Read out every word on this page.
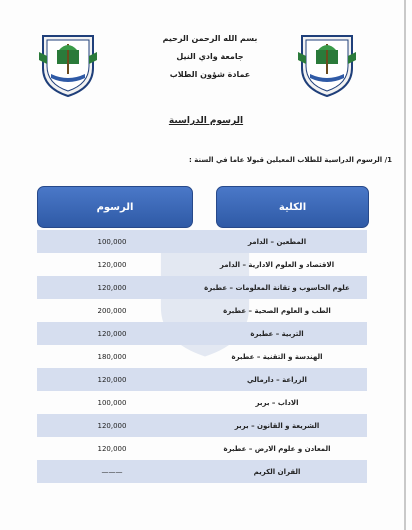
بسم الله الرحمن الرحيم
جامعة وادي النيل
عمادة شؤون الطلاب
الرسوم الدراسية
1/ الرسوم الدراسية للطلاب المعيلين قبولا عاما في السنة :
الرسوم	الكلية
100,000	المطعين – الدامر
120,000	الاقتصاد و العلوم الادارية – الدامر
120,000	علوم الحاسوب و تقانة المعلومات – عطبرة
200,000	الطب و العلوم الصحية – عطبرة
120,000	التربية – عطبرة
180,000	الهندسة و التقنية – عطبرة
120,000	الزراعة – دارمالي
100,000	الاداب – بربر
120,000	الشريعة و القانون – بربر
120,000	المعادن و علوم الارض – عطبرة
———	القران الكريم
